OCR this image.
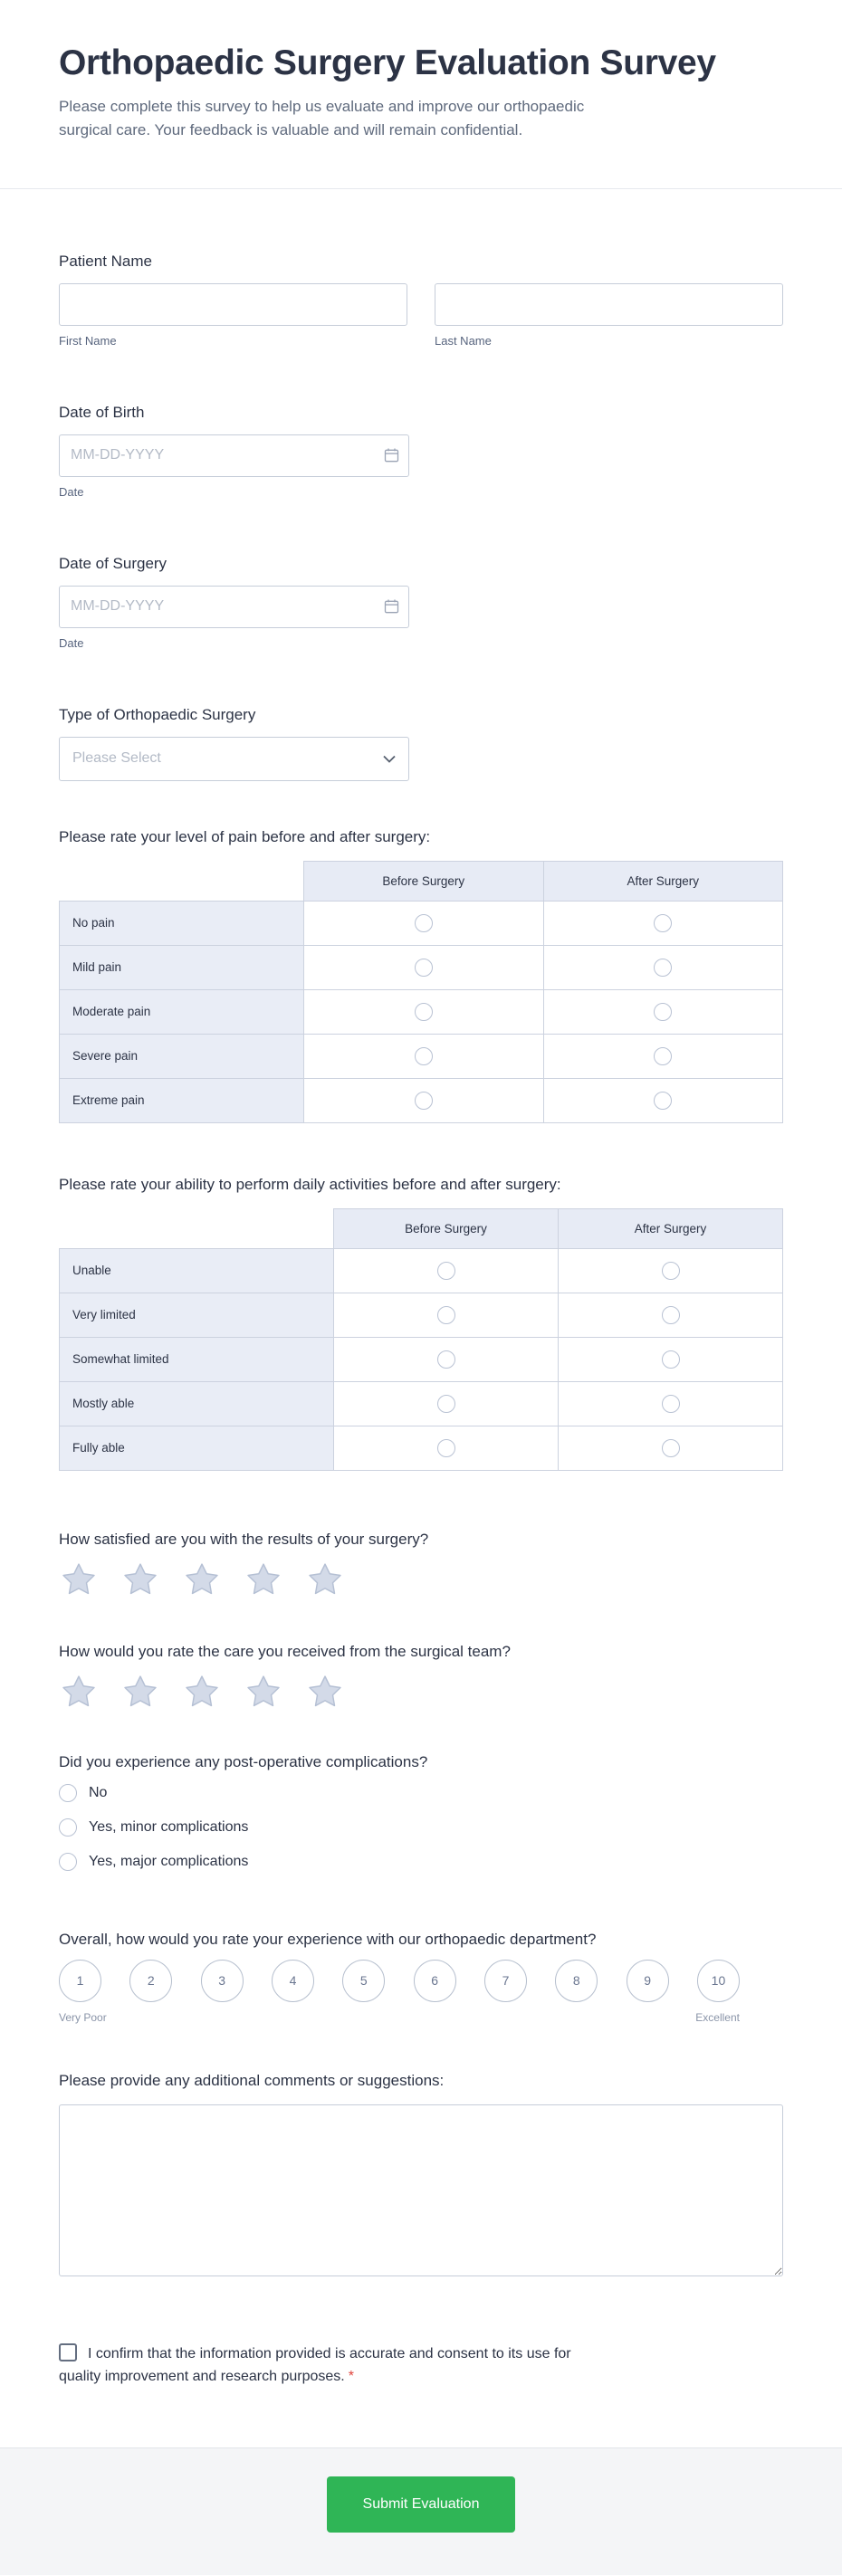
Orthopaedic Surgery Evaluation Survey

Please complete this survey to help us evaluate and improve our orthopaedic surgical care. Your feedback is valuable and will remain confidential.

Patient Name
First Name	Last Name
Date of Birth
MM-DD-YYYY
Date
Date of Surgery
MM-DD-YYYY
Date
Type of Orthopaedic Surgery
Please Select
Please rate your level of pain before and after surgery:
	Before Surgery	After Surgery
No pain		
Mild pain		
Moderate pain		
Severe pain		
Extreme pain		
Please rate your ability to perform daily activities before and after surgery:
	Before Surgery	After Surgery
Unable		
Very limited		
Somewhat limited		
Mostly able		
Fully able		
How satisfied are you with the results of your surgery?
How would you rate the care you received from the surgical team?
Did you experience any post-operative complications?
No
Yes, minor complications
Yes, major complications
Overall, how would you rate your experience with our orthopaedic department?
1	2	3	4	5	6	7	8	9	10
Very Poor	Excellent
Please provide any additional comments or suggestions:
I confirm that the information provided is accurate and consent to its use for quality improvement and research purposes. *
Submit Evaluation
